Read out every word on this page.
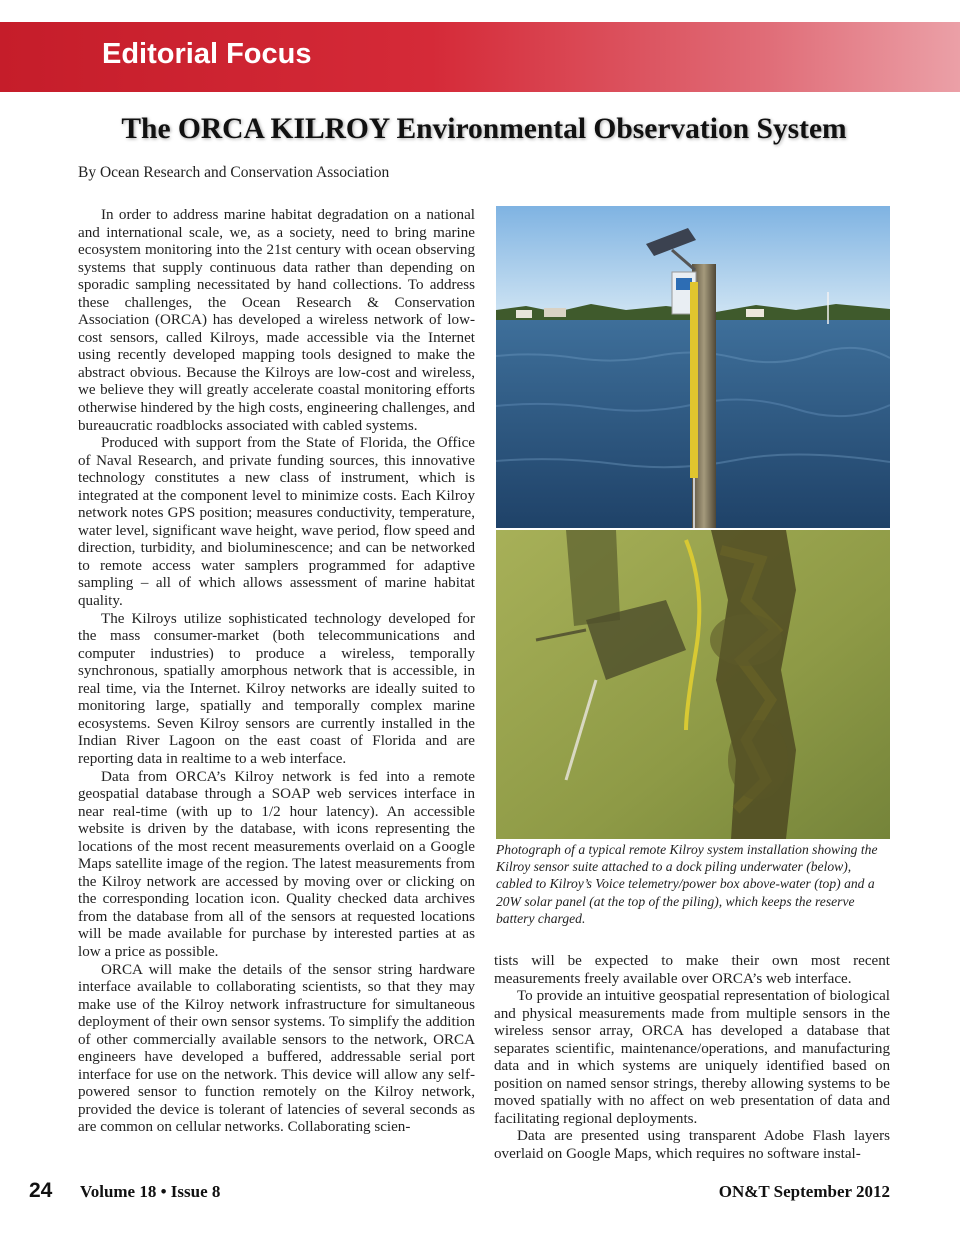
Editorial Focus
The ORCA KILROY Environmental Observation System
By Ocean Research and Conservation Association

In order to address marine habitat degradation on a national and international scale, we, as a society, need to bring marine ecosystem monitoring into the 21st century with ocean observing systems that supply continuous data rather than depending on sporadic sampling necessitated by hand collections. To address these challenges, the Ocean Research & Conservation Association (ORCA) has developed a wireless network of low-cost sensors, called Kilroys, made accessible via the Internet using recently developed mapping tools designed to make the abstract obvious. Because the Kilroys are low-cost and wireless, we believe they will greatly accelerate coastal monitoring efforts otherwise hindered by the high costs, engineering challenges, and bureaucratic roadblocks associated with cabled systems.

Produced with support from the State of Florida, the Office of Naval Research, and private funding sources, this innovative technology constitutes a new class of instrument, which is integrated at the component level to minimize costs. Each Kilroy network notes GPS position; measures conductivity, temperature, water level, significant wave height, wave period, flow speed and direction, turbidity, and bioluminescence; and can be networked to remote access water samplers programmed for adaptive sampling – all of which allows assessment of marine habitat quality.

The Kilroys utilize sophisticated technology developed for the mass consumer-market (both telecommunications and computer industries) to produce a wireless, temporally synchronous, spatially amorphous network that is accessible, in real time, via the Internet. Kilroy networks are ideally suited to monitoring large, spatially and temporally complex marine ecosystems. Seven Kilroy sensors are currently installed in the Indian River Lagoon on the east coast of Florida and are reporting data in realtime to a web interface.

Data from ORCA’s Kilroy network is fed into a remote geospatial database through a SOAP web services interface in near real-time (with up to 1/2 hour latency). An accessible website is driven by the database, with icons representing the locations of the most recent measurements overlaid on a Google Maps satellite image of the region. The latest measurements from the Kilroy network are accessed by moving over or clicking on the corresponding location icon. Quality checked data archives from the database from all of the sensors at requested locations will be made available for purchase by interested parties at as low a price as possible.

ORCA will make the details of the sensor string hardware interface available to collaborating scientists, so that they may make use of the Kilroy network infrastructure for simultaneous deployment of their own sensor systems. To simplify the addition of other commercially available sensors to the network, ORCA engineers have developed a buffered, addressable serial port interface for use on the network. This device will allow any self-powered sensor to function remotely on the Kilroy network, provided the device is tolerant of latencies of several seconds as are common on cellular networks. Collaborating scien-

Photograph of a typical remote Kilroy system installation showing the Kilroy sensor suite attached to a dock piling underwater (below), cabled to Kilroy’s Voice telemetry/power box above-water (top) and a 20W solar panel (at the top of the piling), which keeps the reserve battery charged.

tists will be expected to make their own most recent measurements freely available over ORCA’s web interface.

To provide an intuitive geospatial representation of biological and physical measurements made from multiple sensors in the wireless sensor array, ORCA has developed a database that separates scientific, maintenance/operations, and manufacturing data and in which systems are uniquely identified based on position on named sensor strings, thereby allowing systems to be moved spatially with no affect on web presentation of data and facilitating regional deployments.

Data are presented using transparent Adobe Flash layers overlaid on Google Maps, which requires no software instal-

24 Volume 18 • Issue 8	ON&T September 2012
